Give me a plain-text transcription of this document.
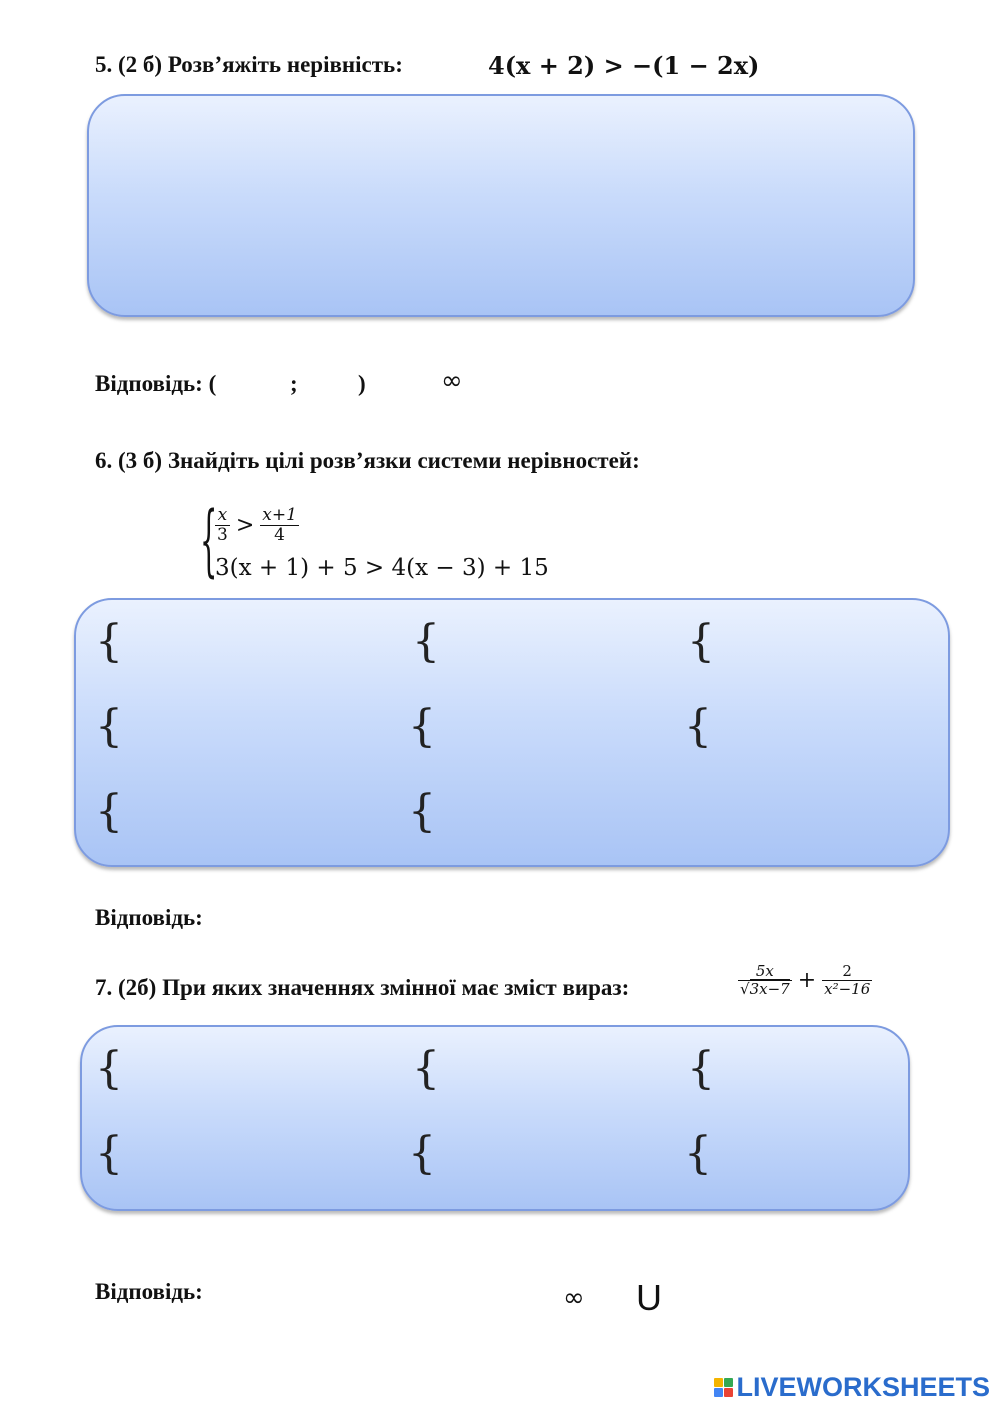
5. (2 б) Розв’яжіть нерівність:	4(x + 2) > −(1 − 2x)
Відповідь: (	;	)	∞
6. (3 б) Знайдіть цілі розв’язки системи нерівностей:
{
$\frac{x}{3} > \frac{x+1}{4}$
3(x + 1) + 5 > 4(x − 3) + 15
{	{	{
{	{	{
{	{
Відповідь:
7. (2б) При яких значеннях змінної має зміст вираз:	$\frac{5x}{√3x-7} + \frac{2}{\text{x²−16}}$
{	{	{
{	{	{
Відповідь:	∞ U
LIVEWORKSHEETS
